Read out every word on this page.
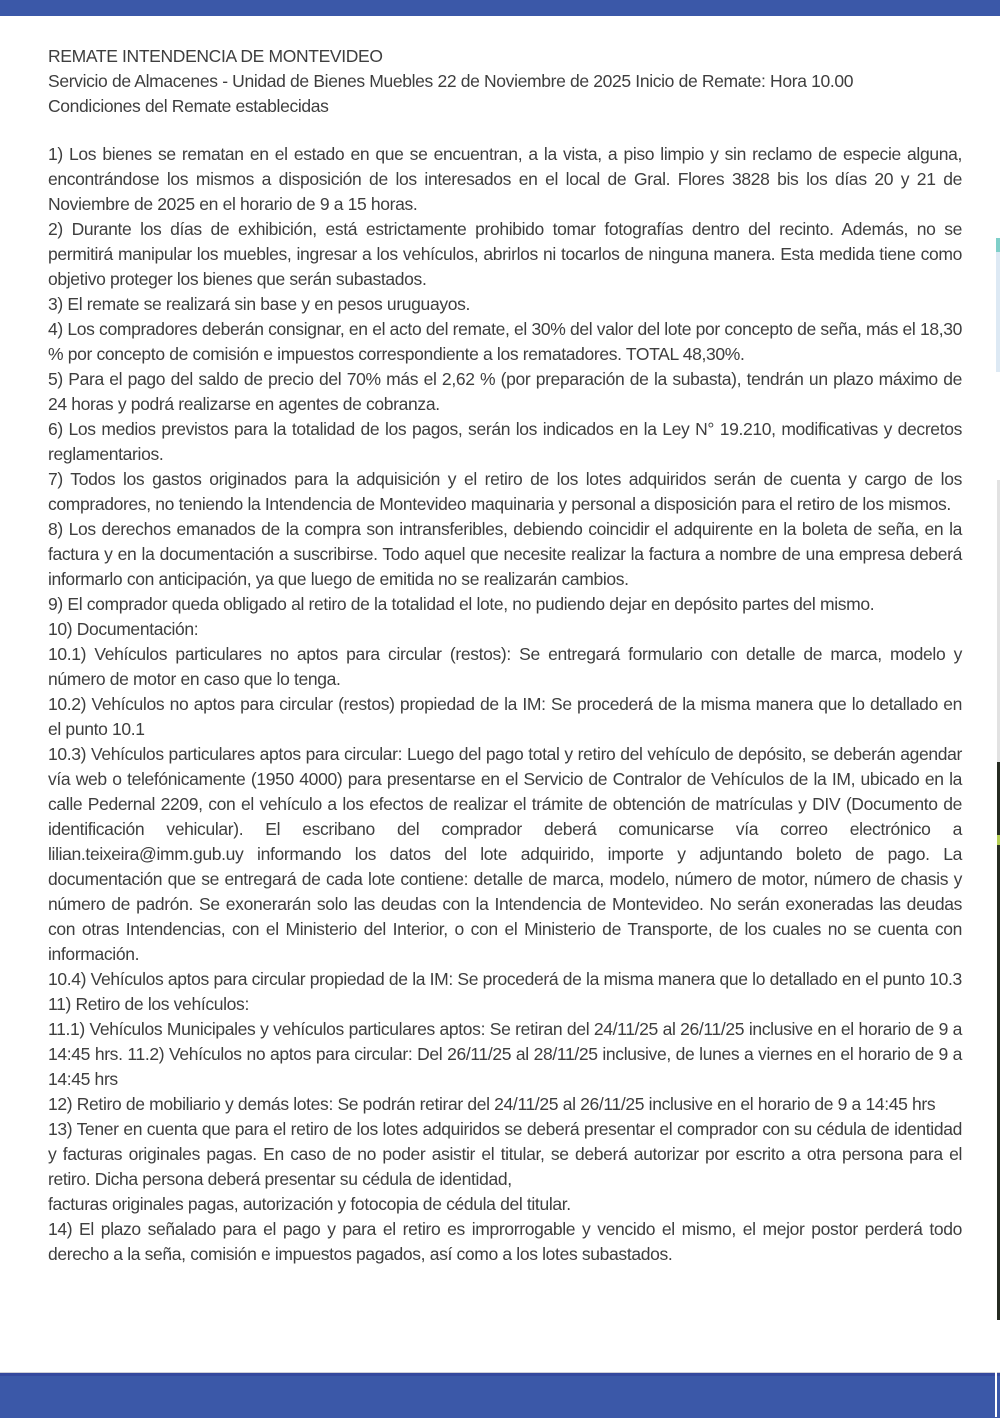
REMATE INTENDENCIA DE MONTEVIDEO
Servicio de Almacenes - Unidad de Bienes Muebles 22 de Noviembre de 2025 Inicio de Remate: Hora 10.00
Condiciones del Remate establecidas

1) Los bienes se rematan en el estado en que se encuentran, a la vista, a piso limpio y sin reclamo de especie alguna, encontrándose los mismos a disposición de los interesados en el local de Gral. Flores 3828 bis los días 20 y 21 de Noviembre de 2025 en el horario de 9 a 15 horas.

2) Durante los días de exhibición, está estrictamente prohibido tomar fotografías dentro del recinto. Además, no se permitirá manipular los muebles, ingresar a los vehículos, abrirlos ni tocarlos de ninguna manera. Esta medida tiene como objetivo proteger los bienes que serán subastados.

3) El remate se realizará sin base y en pesos uruguayos.

4) Los compradores deberán consignar, en el acto del remate, el 30% del valor del lote por concepto de seña, más el 18,30 % por concepto de comisión e impuestos correspondiente a los rematadores. TOTAL 48,30%.

5) Para el pago del saldo de precio del 70% más el 2,62 % (por preparación de la subasta), tendrán un plazo máximo de 24 horas y podrá realizarse en agentes de cobranza.

6) Los medios previstos para la totalidad de los pagos, serán los indicados en la Ley N° 19.210, modificativas y decretos reglamentarios.

7) Todos los gastos originados para la adquisición y el retiro de los lotes adquiridos serán de cuenta y cargo de los compradores, no teniendo la Intendencia de Montevideo maquinaria y personal a disposición para el retiro de los mismos.

8) Los derechos emanados de la compra son intransferibles, debiendo coincidir el adquirente en la boleta de seña, en la factura y en la documentación a suscribirse. Todo aquel que necesite realizar la factura a nombre de una empresa deberá informarlo con anticipación, ya que luego de emitida no se realizarán cambios.

9) El comprador queda obligado al retiro de la totalidad el lote, no pudiendo dejar en depósito partes del mismo.

10) Documentación:

10.1) Vehículos particulares no aptos para circular (restos): Se entregará formulario con detalle de marca, modelo y número de motor en caso que lo tenga.

10.2) Vehículos no aptos para circular (restos) propiedad de la IM: Se procederá de la misma manera que lo detallado en el punto 10.1

10.3) Vehículos particulares aptos para circular: Luego del pago total y retiro del vehículo de depósito, se deberán agendar vía web o telefónicamente (1950 4000) para presentarse en el Servicio de Contralor de Vehículos de la IM, ubicado en la calle Pedernal 2209, con el vehículo a los efectos de realizar el trámite de obtención de matrículas y DIV (Documento de identificación vehicular). El escribano del comprador deberá comunicarse vía correo electrónico a lilian.teixeira@imm.gub.uy informando los datos del lote adquirido, importe y adjuntando boleto de pago. La documentación que se entregará de cada lote contiene: detalle de marca, modelo, número de motor, número de chasis y número de padrón. Se exonerarán solo las deudas con la Intendencia de Montevideo. No serán exoneradas las deudas con otras Intendencias, con el Ministerio del Interior, o con el Ministerio de Transporte, de los cuales no se cuenta con información.

10.4) Vehículos aptos para circular propiedad de la IM: Se procederá de la misma manera que lo detallado en el punto 10.3

11) Retiro de los vehículos:

11.1) Vehículos Municipales y vehículos particulares aptos: Se retiran del 24/11/25 al 26/11/25 inclusive en el horario de 9 a 14:45 hrs. 11.2) Vehículos no aptos para circular: Del 26/11/25 al 28/11/25 inclusive, de lunes a viernes en el horario de 9 a 14:45 hrs

12) Retiro de mobiliario y demás lotes: Se podrán retirar del 24/11/25 al 26/11/25 inclusive en el horario de 9 a 14:45 hrs

13) Tener en cuenta que para el retiro de los lotes adquiridos se deberá presentar el comprador con su cédula de identidad y facturas originales pagas. En caso de no poder asistir el titular, se deberá autorizar por escrito a otra persona para el retiro. Dicha persona deberá presentar su cédula de identidad,

facturas originales pagas, autorización y fotocopia de cédula del titular.

14) El plazo señalado para el pago y para el retiro es improrrogable y vencido el mismo, el mejor postor perderá todo derecho a la seña, comisión e impuestos pagados, así como a los lotes subastados.
